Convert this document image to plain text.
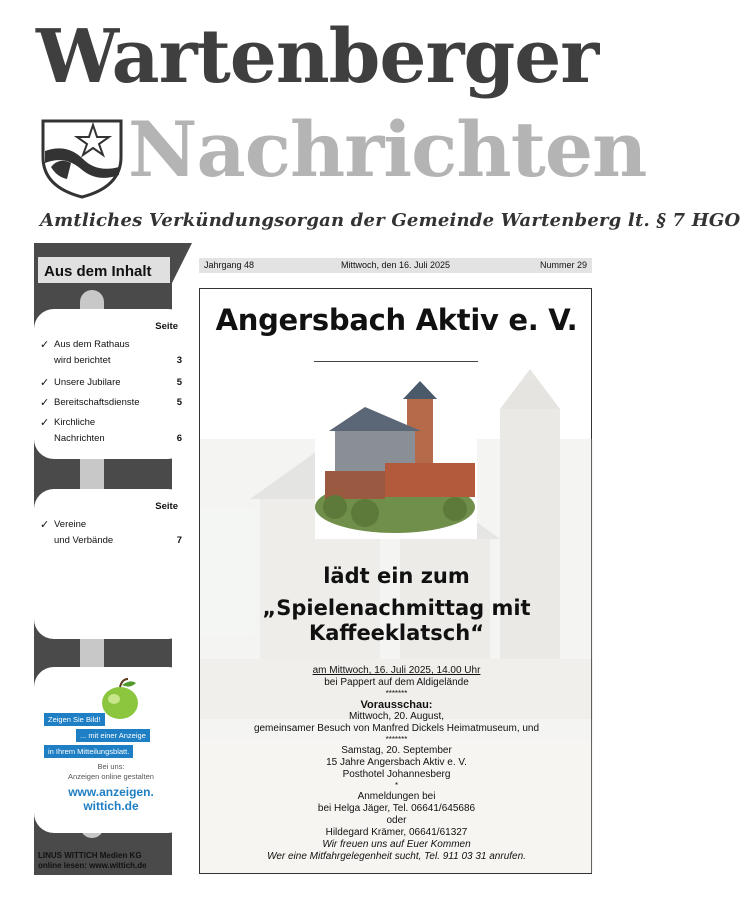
Wartenberger
Nachrichten
Amtliches Verkündungsorgan der Gemeinde Wartenberg lt. § 7 HGO
Aus dem Inhalt
Seite
✓ Aus dem Rathaus
wird berichtet	3
✓ Unsere Jubilare	5
✓ Bereitschaftsdienste	5
✓ Kirchliche
Nachrichten	6
Seite
✓ Vereine
und Verbände	7
Zeigen Sie Bild!
... mit einer Anzeige
in Ihrem Mitteilungsblatt.
Bei uns:
Anzeigen online gestalten
www.anzeigen.
wittich.de
LINUS WITTICH Medien KG
online lesen: www.wittich.de
Jahrgang 48	Mittwoch, den 16. Juli 2025	Nummer 29
Angersbach Aktiv e. V.
lädt ein zum
„Spielenachmittag mit
Kaffeeklatsch“
am Mittwoch, 16. Juli 2025, 14.00 Uhr
bei Pappert auf dem Aldigelände
*******
Vorausschau:
Mittwoch, 20. August,
gemeinsamer Besuch von Manfred Dickels Heimatmuseum, und
*******
Samstag, 20. September
15 Jahre Angersbach Aktiv e. V.
Posthotel Johannesberg
*
Anmeldungen bei
bei Helga Jäger, Tel. 06641/645686
oder
Hildegard Krämer, 06641/61327
Wir freuen uns auf Euer Kommen
Wer eine Mitfahrgelegenheit sucht, Tel. 911 03 31 anrufen.
